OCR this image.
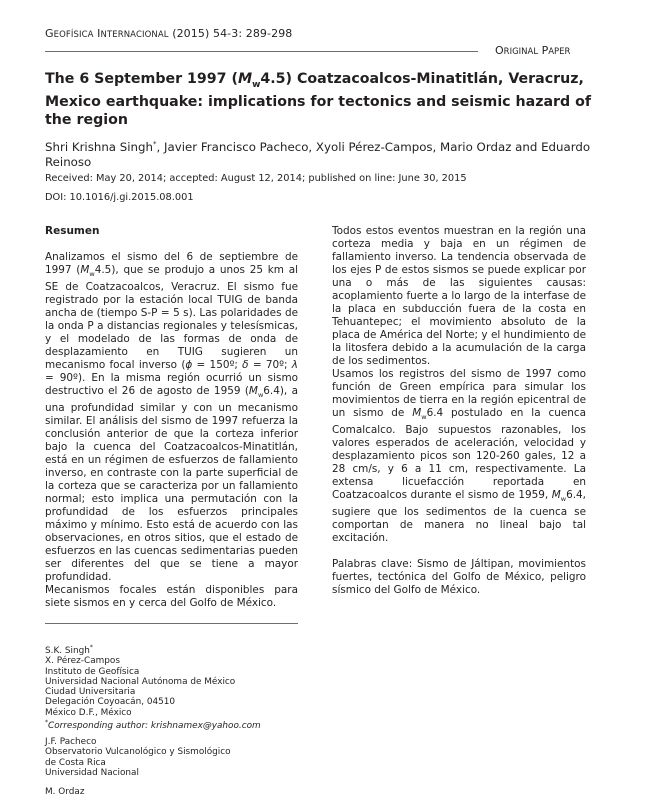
GEOFÍSICA INTERNACIONAL (2015) 54-3: 289-298
ORIGINAL PAPER
The 6 September 1997 $(M_w4.5)$ Coatzacoalcos-Minatitlán, Veracruz, Mexico earthquake: implications for tectonics and seismic hazard of the region
Shri Krishna Singh*, Javier Francisco Pacheco, Xyoli Pérez-Campos, Mario Ordaz and Eduardo Reinoso
Received: May 20, 2014; accepted: August 12, 2014; published on line: June 30, 2015
DOI: 10.1016/j.gi.2015.08.001
Resumen

Analizamos el sismo del 6 de septiembre de 1997 $(M_w4.5)$, que se produjo a unos 25 km al SE de Coatzacoalcos, Veracruz. El sismo fue registrado por la estación local TUIG de banda ancha de (tiempo S-P = 5 s). Las polaridades de la onda P a distancias regionales y telesísmicas, y el modelado de las formas de onda de desplazamiento en TUIG sugieren un mecanismo focal inverso (ϕ = 150º; δ = 70º; λ = 90º). En la misma región ocurrió un sismo destructivo el 26 de agosto de 1959 $(M_w6.4)$, a una profundidad similar y con un mecanismo similar. El análisis del sismo de 1997 refuerza la conclusión anterior de que la corteza inferior bajo la cuenca del Coatzacoalcos-Minatitlán, está en un régimen de esfuerzos de fallamiento inverso, en contraste con la parte superficial de la corteza que se caracteriza por un fallamiento normal; esto implica una permutación con la profundidad de los esfuerzos principales máximo y mínimo. Esto está de acuerdo con las observaciones, en otros sitios, que el estado de esfuerzos en las cuencas sedimentarias pueden ser diferentes del que se tiene a mayor profundidad.

Mecanismos focales están disponibles para siete sismos en y cerca del Golfo de México.

Todos estos eventos muestran en la región una corteza media y baja en un régimen de fallamiento inverso. La tendencia observada de los ejes P de estos sismos se puede explicar por una o más de las siguientes causas: acoplamiento fuerte a lo largo de la interfase de la placa en subducción fuera de la costa en Tehuantepec; el movimiento absoluto de la placa de América del Norte; y el hundimiento de la litosfera debido a la acumulación de la carga de los sedimentos.

Usamos los registros del sismo de 1997 como función de Green empírica para simular los movimientos de tierra en la región epicentral de un sismo de $M_w6.4$ postulado en la cuenca Comalcalco. Bajo supuestos razonables, los valores esperados de aceleración, velocidad y desplazamiento picos son 120-260 gales, 12 a 28 cm/s, y 6 a 11 cm, respectivamente. La extensa licuefacción reportada en Coatzacoalcos durante el sismo de 1959, $M_w6.4$, sugiere que los sedimentos de la cuenca se comportan de manera no lineal bajo tal excitación.

Palabras clave: Sismo de Jáltipan, movimientos fuertes, tectónica del Golfo de México, peligro sísmico del Golfo de México.

S.K. Singh*
X. Pérez-Campos
Instituto de Geofísica
Universidad Nacional Autónoma de México
Ciudad Universitaria
Delegación Coyoacán, 04510
México D.F., México
*Corresponding author: krishnamex@yahoo.com
J.F. Pacheco
Observatorio Vulcanológico y Sismológico
de Costa Rica
Universidad Nacional
M. Ordaz
